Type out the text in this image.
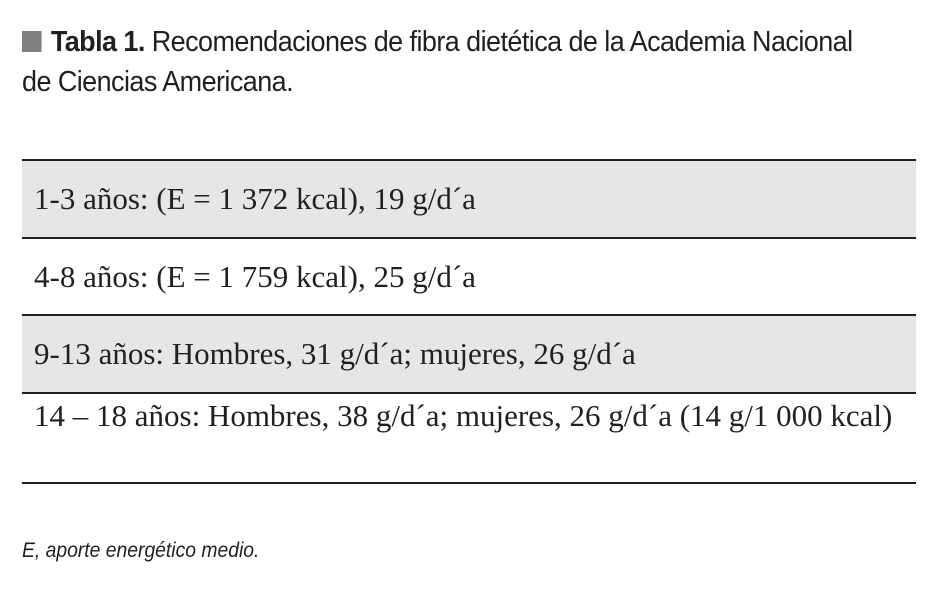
Tabla 1. Recomendaciones de fibra dietética de la Academia Nacional de Ciencias Americana.
1-3 años: (E = 1 372 kcal), 19 g/d´a
4-8 años: (E = 1 759 kcal), 25 g/d´a
9-13 años: Hombres, 31 g/d´a; mujeres, 26 g/d´a
14 – 18 años: Hombres, 38 g/d´a; mujeres, 26 g/d´a (14 g/1 000 kcal)
E, aporte energético medio.
